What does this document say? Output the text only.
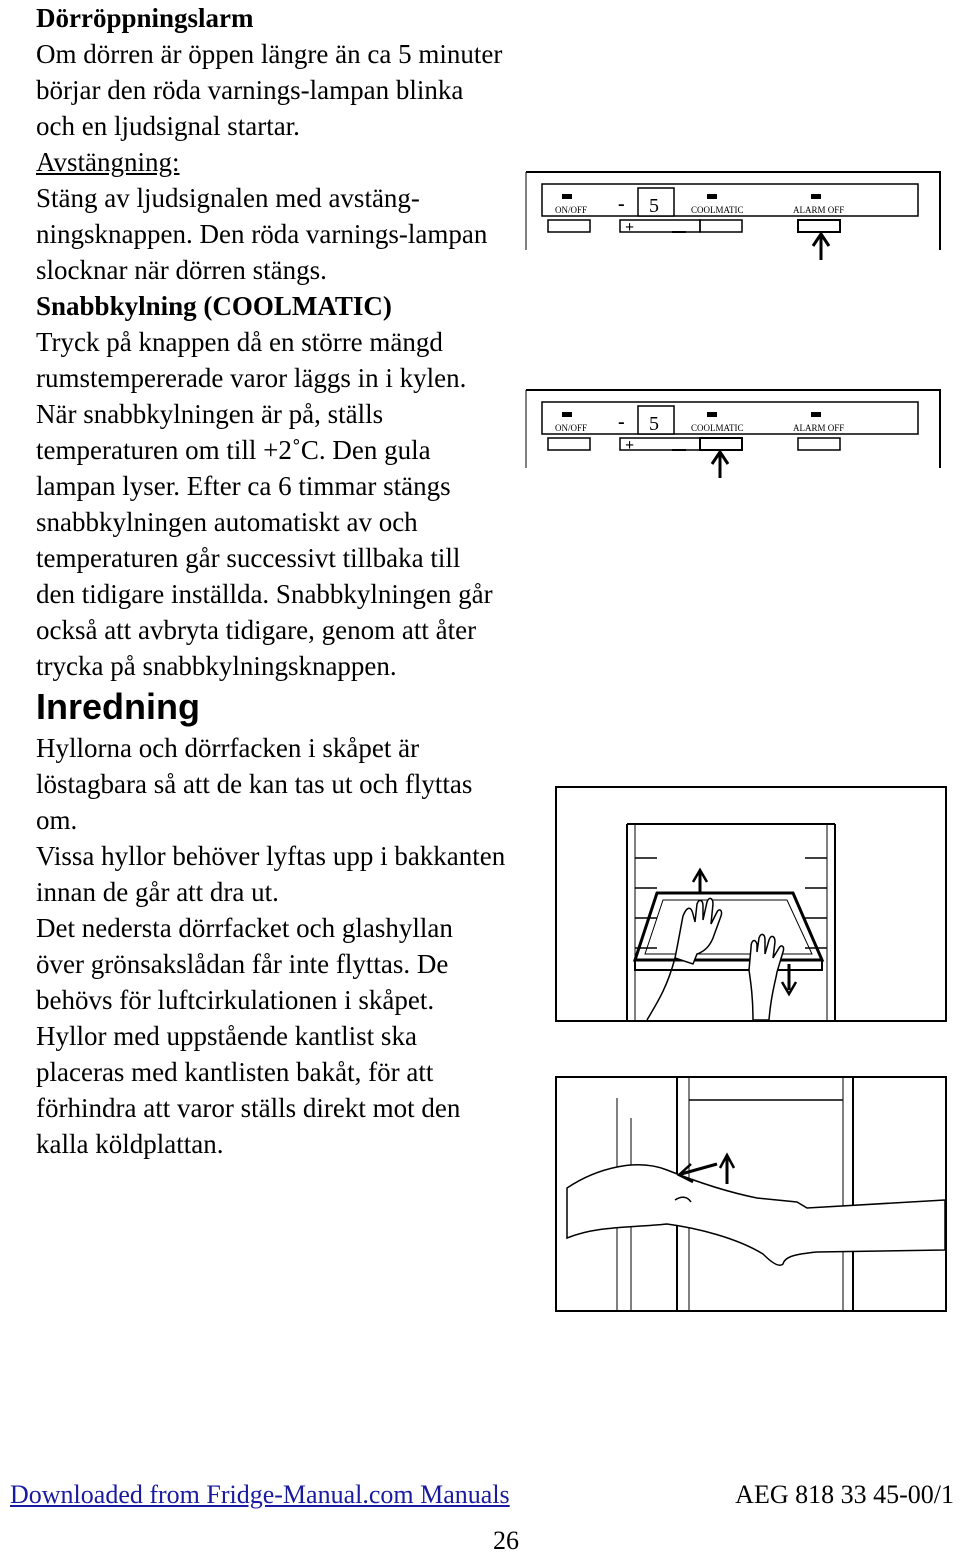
Dörröppningslarm

Om dörren är öppen längre än ca 5 minuter börjar den röda varnings-lampan blinka och en ljudsignal startar.

Avstängning:

Stäng av ljudsignalen med avstäng-ningsknappen. Den röda varnings-lampan slocknar när dörren stängs.

Snabbkylning (COOLMATIC)

Tryck på knappen då en större mängd rumstempererade varor läggs in i kylen. När snabbkylningen är på, ställs temperaturen om till +2˚C. Den gula lampan lyser. Efter ca 6 timmar stängs snabbkylningen automatiskt av och temperaturen går successivt tillbaka till den tidigare inställda. Snabbkylningen går också att avbryta tidigare, genom att åter trycka på snabbkylningsknappen.

Inredning

Hyllorna och dörrfacken i skåpet är löstagbara så att de kan tas ut och flyttas om.

Vissa hyllor behöver lyftas upp i bakkanten innan de går att dra ut.

Det nedersta dörrfacket och glashyllan över grönsakslådan får inte flyttas. De behövs för luftcirkulationen i skåpet.

Hyllor med uppstående kantlist ska placeras med kantlisten bakåt, för att förhindra att varor ställs direkt mot den kalla köldplattan.

ON/OFF - 5	COOLMATIC	ALARM OFF
+
ON/OFF - 5	COOLMATIC	ALARM OFF
+
Downloaded from Fridge-Manual.com Manuals	AEG 818 33 45-00/1
26
